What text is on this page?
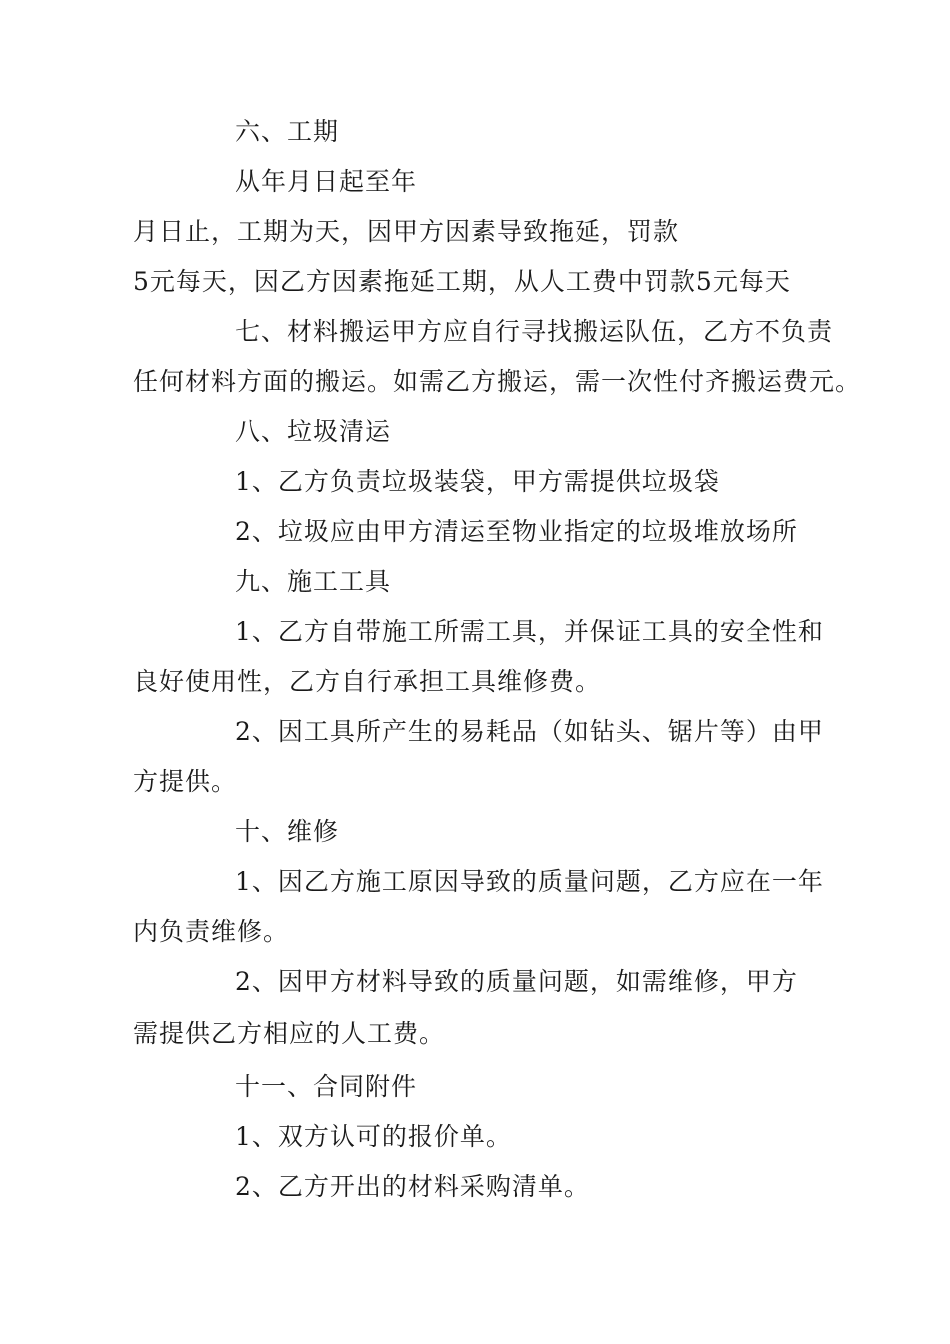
六、工期
从年月日起至年
月日止，工期为天，因甲方因素导致拖延，罚款
5元每天，因乙方因素拖延工期，从人工费中罚款5元每天
七、材料搬运甲方应自行寻找搬运队伍，乙方不负责
任何材料方面的搬运。如需乙方搬运，需一次性付齐搬运费元。
八、垃圾清运
1、乙方负责垃圾装袋，甲方需提供垃圾袋
2、垃圾应由甲方清运至物业指定的垃圾堆放场所
九、施工工具
1、乙方自带施工所需工具，并保证工具的安全性和
良好使用性，乙方自行承担工具维修费。
2、因工具所产生的易耗品（如钻头、锯片等）由甲
方提供。
十、维修
1、因乙方施工原因导致的质量问题，乙方应在一年
内负责维修。
2、因甲方材料导致的质量问题，如需维修，甲方
需提供乙方相应的人工费。
十一、合同附件
1、双方认可的报价单。
2、乙方开出的材料采购清单。
